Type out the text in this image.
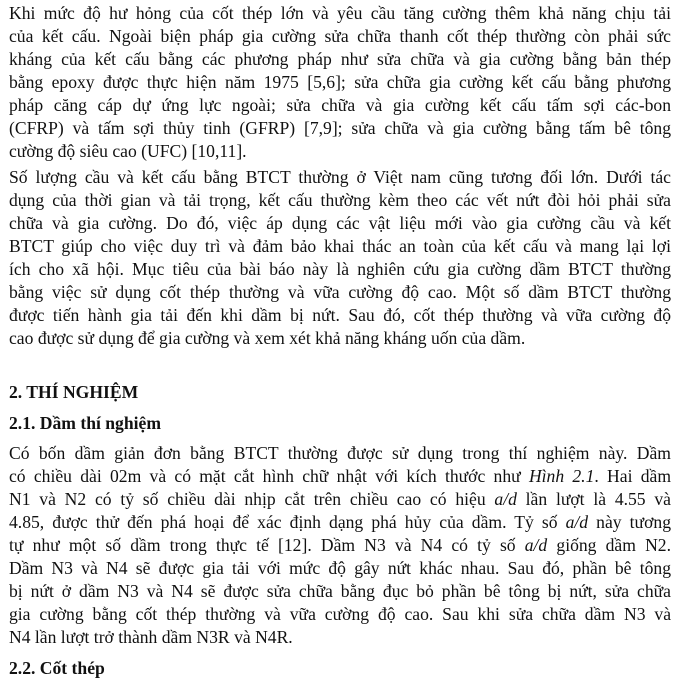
Khi mức độ hư hỏng của cốt thép lớn và yêu cầu tăng cường thêm khả năng chịu tải
của kết cấu. Ngoài biện pháp gia cường sửa chữa thanh cốt thép thường còn phải sức
kháng của kết cấu bằng các phương pháp như sửa chữa và gia cường bằng bản thép
bằng epoxy được thực hiện năm 1975 [5,6]; sửa chữa gia cường kết cấu bằng phương
pháp căng cáp dự ứng lực ngoài; sửa chữa và gia cường kết cấu tấm sợi các-bon
(CFRP) và tấm sợi thủy tinh (GFRP) [7,9]; sửa chữa và gia cường bằng tấm bê tông
cường độ siêu cao (UFC) [10,11].
Số lượng cầu và kết cấu bằng BTCT thường ở Việt nam cũng tương đối lớn. Dưới tác
dụng của thời gian và tải trọng, kết cấu thường kèm theo các vết nứt đòi hỏi phải sửa
chữa và gia cường. Do đó, việc áp dụng các vật liệu mới vào gia cường cầu và kết
BTCT giúp cho việc duy trì và đảm bảo khai thác an toàn của kết cấu và mang lại lợi
ích cho xã hội. Mục tiêu của bài báo này là nghiên cứu gia cường dầm BTCT thường
bằng việc sử dụng cốt thép thường và vữa cường độ cao. Một số dầm BTCT thường
được tiến hành gia tải đến khi dầm bị nứt. Sau đó, cốt thép thường và vữa cường độ
cao được sử dụng để gia cường và xem xét khả năng kháng uốn của dầm.
2. THÍ NGHIỆM
2.1. Dầm thí nghiệm
Có bốn dầm giản đơn bằng BTCT thường được sử dụng trong thí nghiệm này. Dầm
có chiều dài 02m và có mặt cắt hình chữ nhật với kích thước như Hình 2.1. Hai dầm
N1 và N2 có tỷ số chiều dài nhịp cắt trên chiều cao có hiệu a/d lần lượt là 4.55 và
4.85, được thử đến phá hoại để xác định dạng phá hủy của dầm. Tỷ số a/d này tương
tự như một số dầm trong thực tế [12]. Dầm N3 và N4 có tỷ số a/d giống dầm N2.
Dầm N3 và N4 sẽ được gia tải với mức độ gây nứt khác nhau. Sau đó, phần bê tông
bị nứt ở dầm N3 và N4 sẽ được sửa chữa bằng đục bỏ phần bê tông bị nứt, sửa chữa
gia cường bằng cốt thép thường và vữa cường độ cao. Sau khi sửa chữa dầm N3 và
N4 lần lượt trở thành dầm N3R và N4R.
2.2. Cốt thép
